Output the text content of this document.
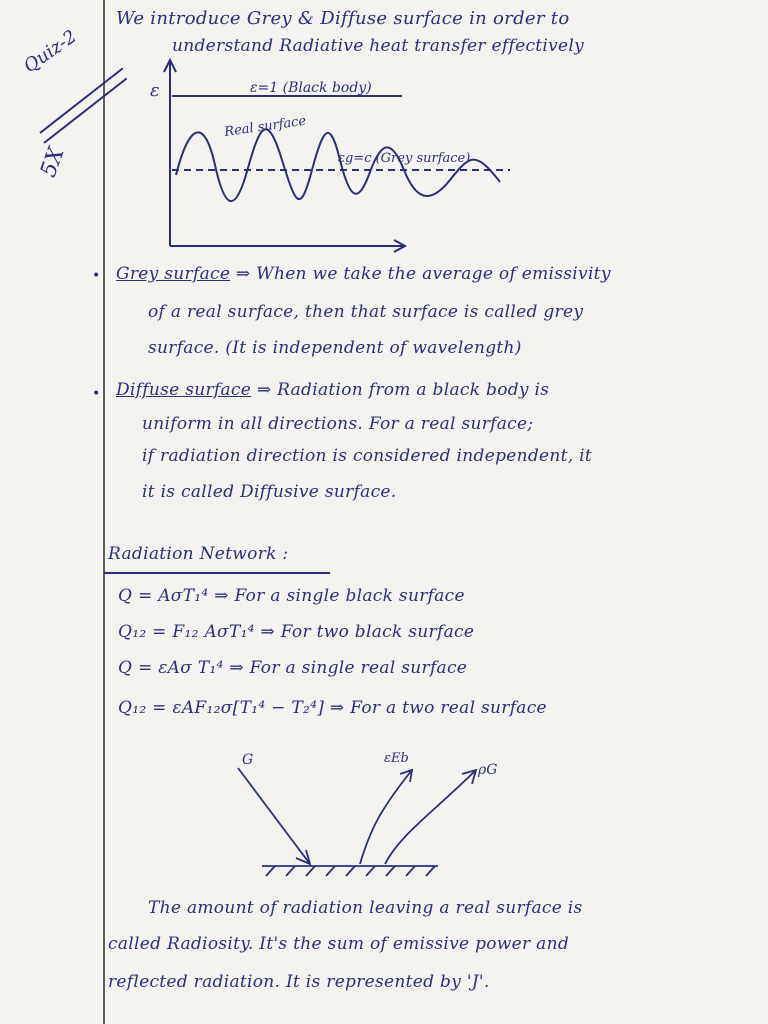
Quiz-2
5X
We introduce Grey & Diffuse surface in order to
understand Radiative heat transfer effectively
ε	ε=1 (Black body)
Real surface
εg=c (Grey surface)
• Grey surface ⇒ When we take the average of emissivity
of a real surface, then that surface is called grey
surface. (It is independent of wavelength)
• Diffuse surface ⇒ Radiation from a black body is
uniform in all directions. For a real surface;
if radiation direction is considered independent, it
it is called Diffusive surface.
Radiation Network :
Q = AσT₁⁴ ⇒ For a single black surface
Q₁₂ = F₁₂ AσT₁⁴ ⇒ For two black surface
Q = εAσ T₁⁴ ⇒ For a single real surface
Q₁₂ = εAF₁₂σ[T₁⁴ − T₂⁴] ⇒ For a two real surface
G	εEb
ρG
The amount of radiation leaving a real surface is
called Radiosity. It's the sum of emissive power and
reflected radiation. It is represented by 'J'.
